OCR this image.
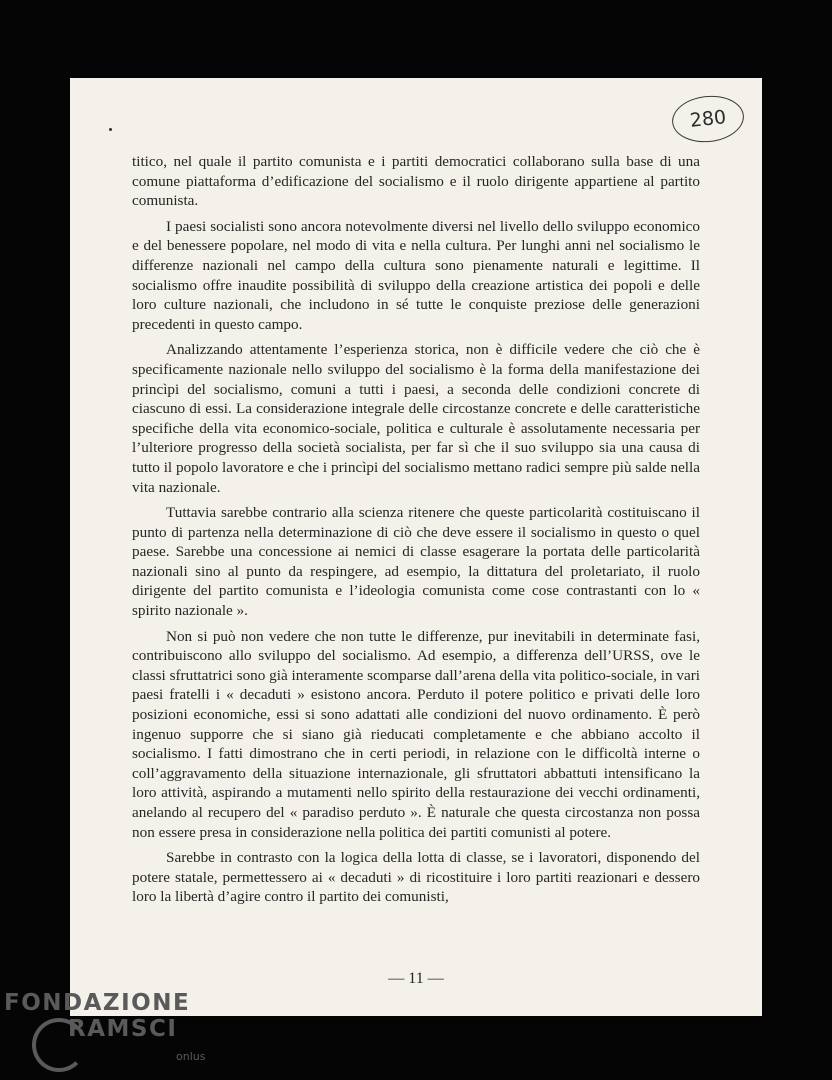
280

titico, nel quale il partito comunista e i partiti democratici collaborano sulla base di una comune piattaforma d’edificazione del socialismo e il ruolo dirigente appartiene al partito comunista.

I paesi socialisti sono ancora notevolmente diversi nel livello dello sviluppo economico e del benessere popolare, nel modo di vita e nella cultura. Per lunghi anni nel socialismo le differenze nazionali nel campo della cultura sono pienamente naturali e legittime. Il socialismo offre inaudite possibilità di sviluppo della creazione artistica dei popoli e delle loro culture nazionali, che includono in sé tutte le conquiste preziose delle generazioni precedenti in questo campo.

Analizzando attentamente l’esperienza storica, non è difficile vedere che ciò che è specificamente nazionale nello sviluppo del socialismo è la forma della manifestazione dei princìpi del socialismo, comuni a tutti i paesi, a seconda delle condizioni concrete di ciascuno di essi. La considerazione integrale delle circostanze concrete e delle caratteristiche specifiche della vita economico-sociale, politica e culturale è assolutamente necessaria per l’ulteriore progresso della società socialista, per far sì che il suo sviluppo sia una causa di tutto il popolo lavoratore e che i princìpi del socialismo mettano radici sempre più salde nella vita nazionale.

Tuttavia sarebbe contrario alla scienza ritenere che queste particolarità costituiscano il punto di partenza nella determinazione di ciò che deve essere il socialismo in questo o quel paese. Sarebbe una concessione ai nemici di classe esagerare la portata delle particolarità nazionali sino al punto da respingere, ad esempio, la dittatura del proletariato, il ruolo dirigente del partito comunista e l’ideologia comunista come cose contrastanti con lo « spirito nazionale ».

Non si può non vedere che non tutte le differenze, pur inevitabili in determinate fasi, contribuiscono allo sviluppo del socialismo. Ad esempio, a differenza dell’URSS, ove le classi sfruttatrici sono già interamente scomparse dall’arena della vita politico-sociale, in vari paesi fratelli i « decaduti » esistono ancora. Perduto il potere politico e privati delle loro posizioni economiche, essi si sono adattati alle condizioni del nuovo ordinamento. È però ingenuo supporre che si siano già rieducati completamente e che abbiano accolto il socialismo. I fatti dimostrano che in certi periodi, in relazione con le difficoltà interne o coll’aggravamento della situazione internazionale, gli sfruttatori abbattuti intensificano la loro attività, aspirando a mutamenti nello spirito della restaurazione dei vecchi ordinamenti, anelando al recupero del « paradiso perduto ». È naturale che questa circostanza non possa non essere presa in considerazione nella politica dei partiti comunisti al potere.

Sarebbe in contrasto con la logica della lotta di classe, se i lavoratori, disponendo del potere statale, permettessero ai « decaduti » di ricostituire i loro partiti reazionari e dessero loro la libertà d’agire contro il partito dei comunisti,

— 11 —
FONDAZIONE
RAMSCI
onlus
